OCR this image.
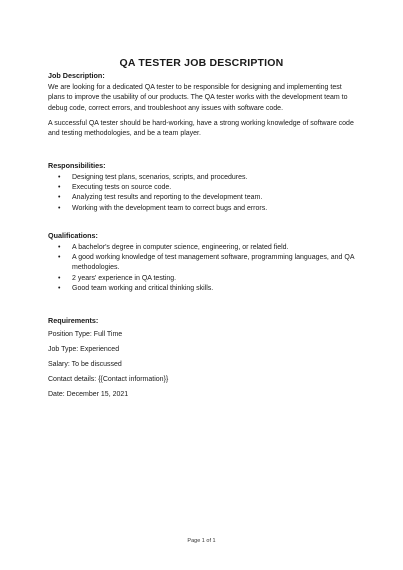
QA TESTER JOB DESCRIPTION
Job Description:
We are looking for a dedicated QA tester to be responsible for designing and implementing test plans to improve the usability of our products. The QA tester works with the development team to debug code, correct errors, and troubleshoot any issues with software code.
A successful QA tester should be hard-working, have a strong working knowledge of software code and testing methodologies, and be a team player.
Responsibilities:
• Designing test plans, scenarios, scripts, and procedures.
• Executing tests on source code.
• Analyzing test results and reporting to the development team.
• Working with the development team to correct bugs and errors.
Qualifications:
• A bachelor's degree in computer science, engineering, or related field.
• A good working knowledge of test management software, programming languages, and QA methodologies.
• 2 years' experience in QA testing.
• Good team working and critical thinking skills.
Requirements:
Position Type: Full Time
Job Type: Experienced
Salary: To be discussed
Contact details: {{Contact information}}
Date: December 15, 2021
Page 1 of 1
